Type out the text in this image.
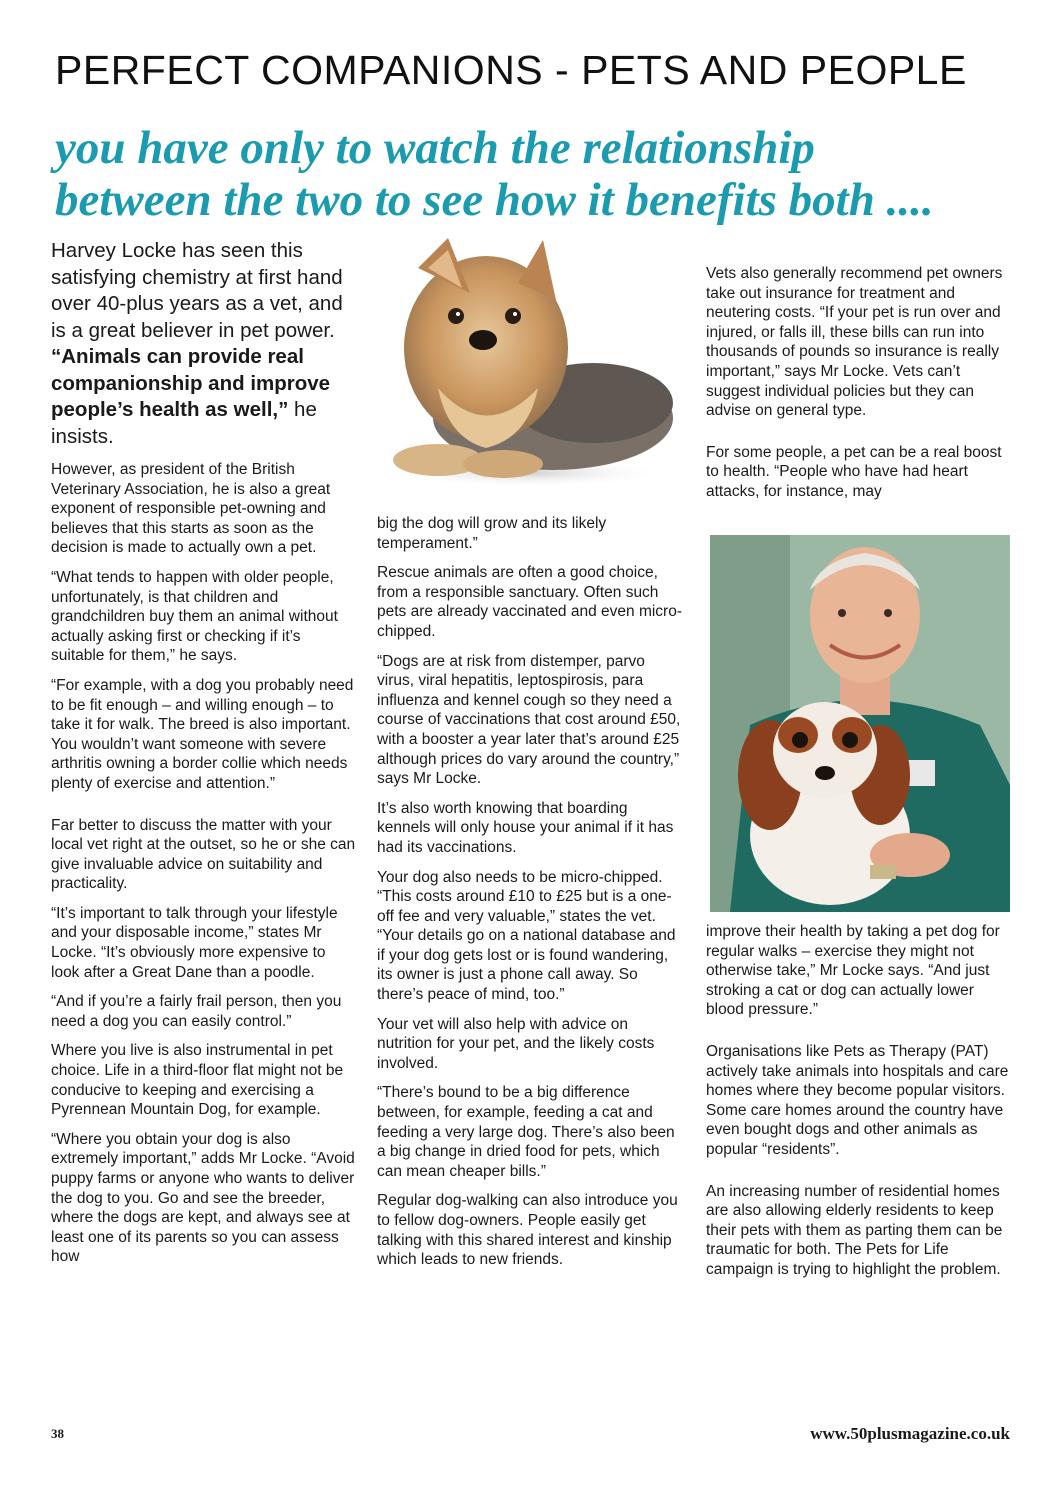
PERFECT COMPANIONS - PETS AND PEOPLE
you have only to watch the relationship
between the two to see how it benefits both ....

Harvey Locke has seen this satisfying chemistry at first hand over 40-plus years as a vet, and is a great believer in pet power. “Animals can provide real companionship and improve people’s health as well,” he insists.

However, as president of the British Veterinary Association, he is also a great exponent of responsible pet-owning and believes that this starts as soon as the decision is made to actually own a pet.

“What tends to happen with older people, unfortunately, is that children and grandchildren buy them an animal without actually asking first or checking if it’s suitable for them,” he says.

“For example, with a dog you probably need to be fit enough – and willing enough – to take it for walk. The breed is also important. You wouldn’t want someone with severe arthritis owning a border collie which needs plenty of exercise and attention.”

Far better to discuss the matter with your local vet right at the outset, so he or she can give invaluable advice on suitability and practicality.

“It’s important to talk through your lifestyle and your disposable income,” states Mr Locke. “It’s obviously more expensive to look after a Great Dane than a poodle.

“And if you’re a fairly frail person, then you need a dog you can easily control.”

Where you live is also instrumental in pet choice. Life in a third-floor flat might not be conducive to keeping and exercising a Pyrennean Mountain Dog, for example.

“Where you obtain your dog is also extremely important,” adds Mr Locke. “Avoid puppy farms or anyone who wants to deliver the dog to you. Go and see the breeder, where the dogs are kept, and always see at least one of its parents so you can assess how

big the dog will grow and its likely temperament.”

Rescue animals are often a good choice, from a responsible sanctuary. Often such pets are already vaccinated and even micro-chipped.

“Dogs are at risk from distemper, parvo virus, viral hepatitis, leptospirosis, para influenza and kennel cough so they need a course of vaccinations that cost around £50, with a booster a year later that’s around £25 although prices do vary around the country,” says Mr Locke.

It’s also worth knowing that boarding kennels will only house your animal if it has had its vaccinations.

Your dog also needs to be micro-chipped. “This costs around £10 to £25 but is a one-off fee and very valuable,” states the vet. “Your details go on a national database and if your dog gets lost or is found wandering, its owner is just a phone call away. So there’s peace of mind, too.”

Your vet will also help with advice on nutrition for your pet, and the likely costs involved.

“There’s bound to be a big difference between, for example, feeding a cat and feeding a very large dog. There’s also been a big change in dried food for pets, which can mean cheaper bills.”

Regular dog-walking can also introduce you to fellow dog-owners. People easily get talking with this shared interest and kinship which leads to new friends.

Vets also generally recommend pet owners take out insurance for treatment and neutering costs. “If your pet is run over and injured, or falls ill, these bills can run into thousands of pounds so insurance is really important,” says Mr Locke. Vets can’t suggest individual policies but they can advise on general type.

For some people, a pet can be a real boost to health. “People who have had heart attacks, for instance, may

improve their health by taking a pet dog for regular walks – exercise they might not otherwise take,” Mr Locke says. “And just stroking a cat or dog can actually lower blood pressure.”

Organisations like Pets as Therapy (PAT) actively take animals into hospitals and care homes where they become popular visitors. Some care homes around the country have even bought dogs and other animals as popular “residents”.

An increasing number of residential homes are also allowing elderly residents to keep their pets with them as parting them can be traumatic for both. The Pets for Life campaign is trying to highlight the problem.

38	www.50plusmagazine.co.uk
